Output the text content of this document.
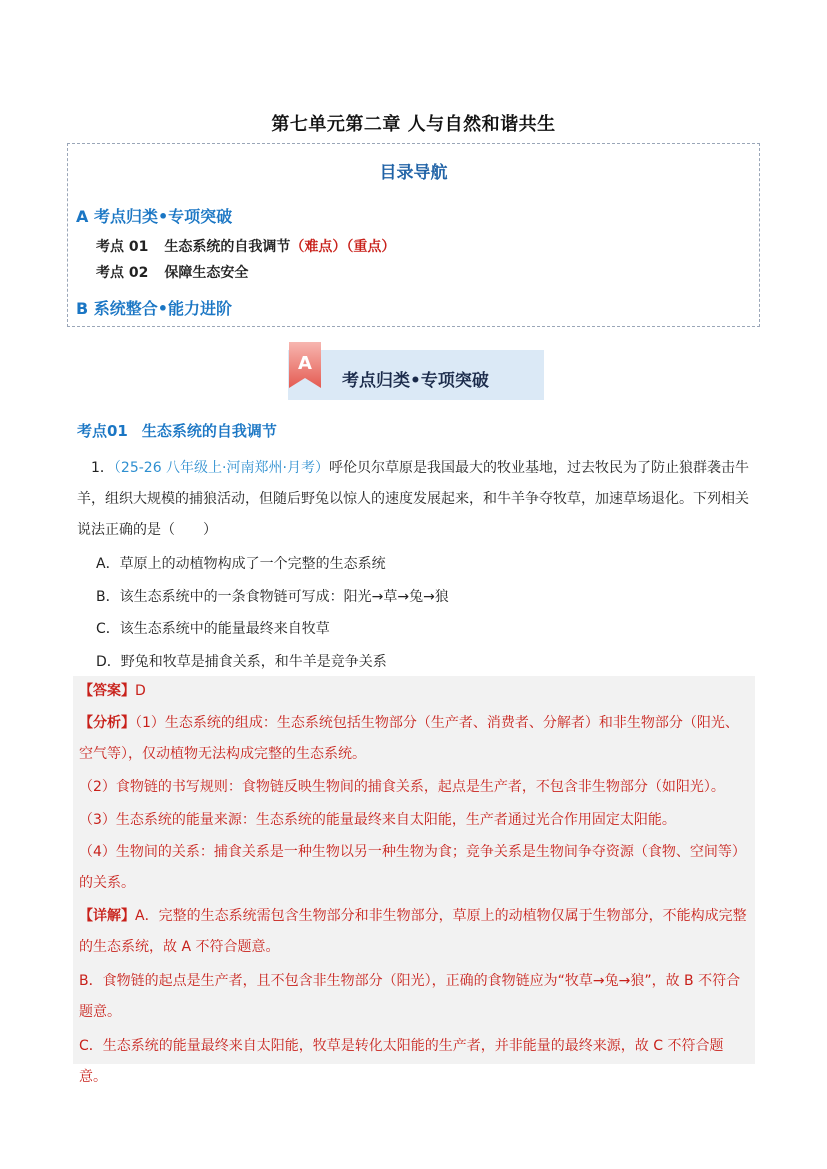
第七单元第二章 人与自然和谐共生
目录导航
A 考点归类•专项突破
考点 01 生态系统的自我调节（难点）（重点）
考点 02 保障生态安全
B 系统整合•能力进阶
A
考点归类•专项突破
考点01 生态系统的自我调节
1．（25-26 八年级上·河南郑州·月考）呼伦贝尔草原是我国最大的牧业基地，过去牧民为了防止狼群袭击牛羊，组织大规模的捕狼活动，但随后野兔以惊人的速度发展起来，和牛羊争夺牧草，加速草场退化。下列相关说法正确的是（　　）
A．草原上的动植物构成了一个完整的生态系统
B．该生态系统中的一条食物链可写成：阳光→草→兔→狼
C．该生态系统中的能量最终来自牧草
D．野兔和牧草是捕食关系，和牛羊是竞争关系

【答案】D

【分析】（1）生态系统的组成：生态系统包括生物部分（生产者、消费者、分解者）和非生物部分（阳光、空气等），仅动植物无法构成完整的生态系统。

（2）食物链的书写规则：食物链反映生物间的捕食关系，起点是生产者，不包含非生物部分（如阳光）。

（3）生态系统的能量来源：生态系统的能量最终来自太阳能，生产者通过光合作用固定太阳能。

（4）生物间的关系：捕食关系是一种生物以另一种生物为食；竞争关系是生物间争夺资源（食物、空间等）的关系。

【详解】A．完整的生态系统需包含生物部分和非生物部分，草原上的动植物仅属于生物部分，不能构成完整的生态系统，故 A 不符合题意。

B．食物链的起点是生产者，且不包含非生物部分（阳光），正确的食物链应为“牧草→兔→狼”，故 B 不符合题意。

C．生态系统的能量最终来自太阳能，牧草是转化太阳能的生产者，并非能量的最终来源，故 C 不符合题意。
